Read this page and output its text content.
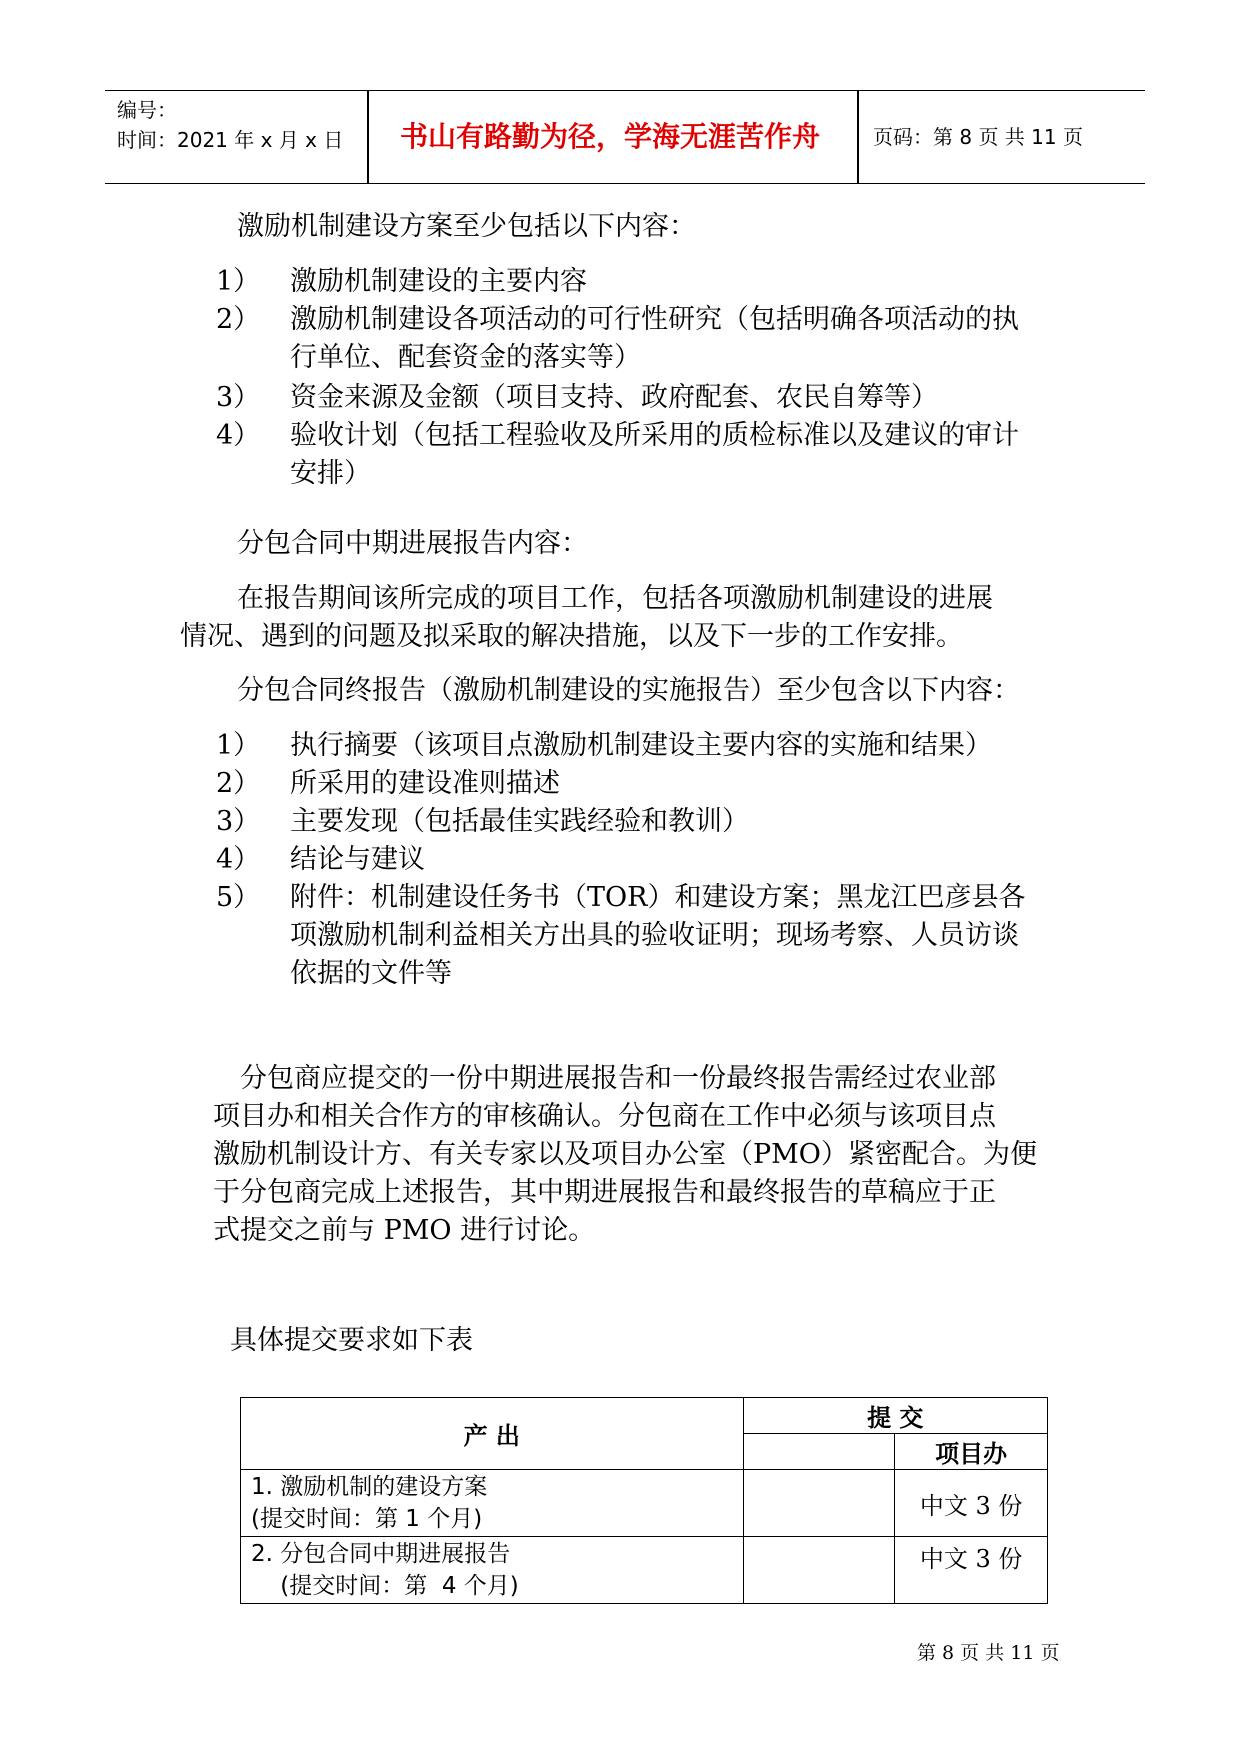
编号：
时间：2021 年 x 月 x 日	书山有路勤为径，学海无涯苦作舟	页码：第 8 页 共 11 页
激励机制建设方案至少包括以下内容：
1） 激励机制建设的主要内容
2） 激励机制建设各项活动的可行性研究（包括明确各项活动的执
行单位、配套资金的落实等）
3） 资金来源及金额（项目支持、政府配套、农民自筹等）
4） 验收计划（包括工程验收及所采用的质检标准以及建议的审计
安排）
分包合同中期进展报告内容：
在报告期间该所完成的项目工作，包括各项激励机制建设的进展
情况、遇到的问题及拟采取的解决措施，以及下一步的工作安排。
分包合同终报告（激励机制建设的实施报告）至少包含以下内容：
1） 执行摘要（该项目点激励机制建设主要内容的实施和结果）
2） 所采用的建设准则描述
3） 主要发现（包括最佳实践经验和教训）
4） 结论与建议
5） 附件：机制建设任务书（TOR）和建设方案；黑龙江巴彦县各
项激励机制利益相关方出具的验收证明；现场考察、人员访谈
依据的文件等
分包商应提交的一份中期进展报告和一份最终报告需经过农业部
项目办和相关合作方的审核确认。分包商在工作中必须与该项目点
激励机制设计方、有关专家以及项目办公室（PMO）紧密配合。为便
于分包商完成上述报告，其中期进展报告和最终报告的草稿应于正
式提交之前与 PMO 进行讨论。
具体提交要求如下表
产 出	提 交	
		项目办

1. 激励机制的建设方案
(提交时间：第 1 个月)		中文 3 份

2. 分包合同中期进展报告
(提交时间：第  4 个月)		中文 3 份
第 8 页 共 11 页
